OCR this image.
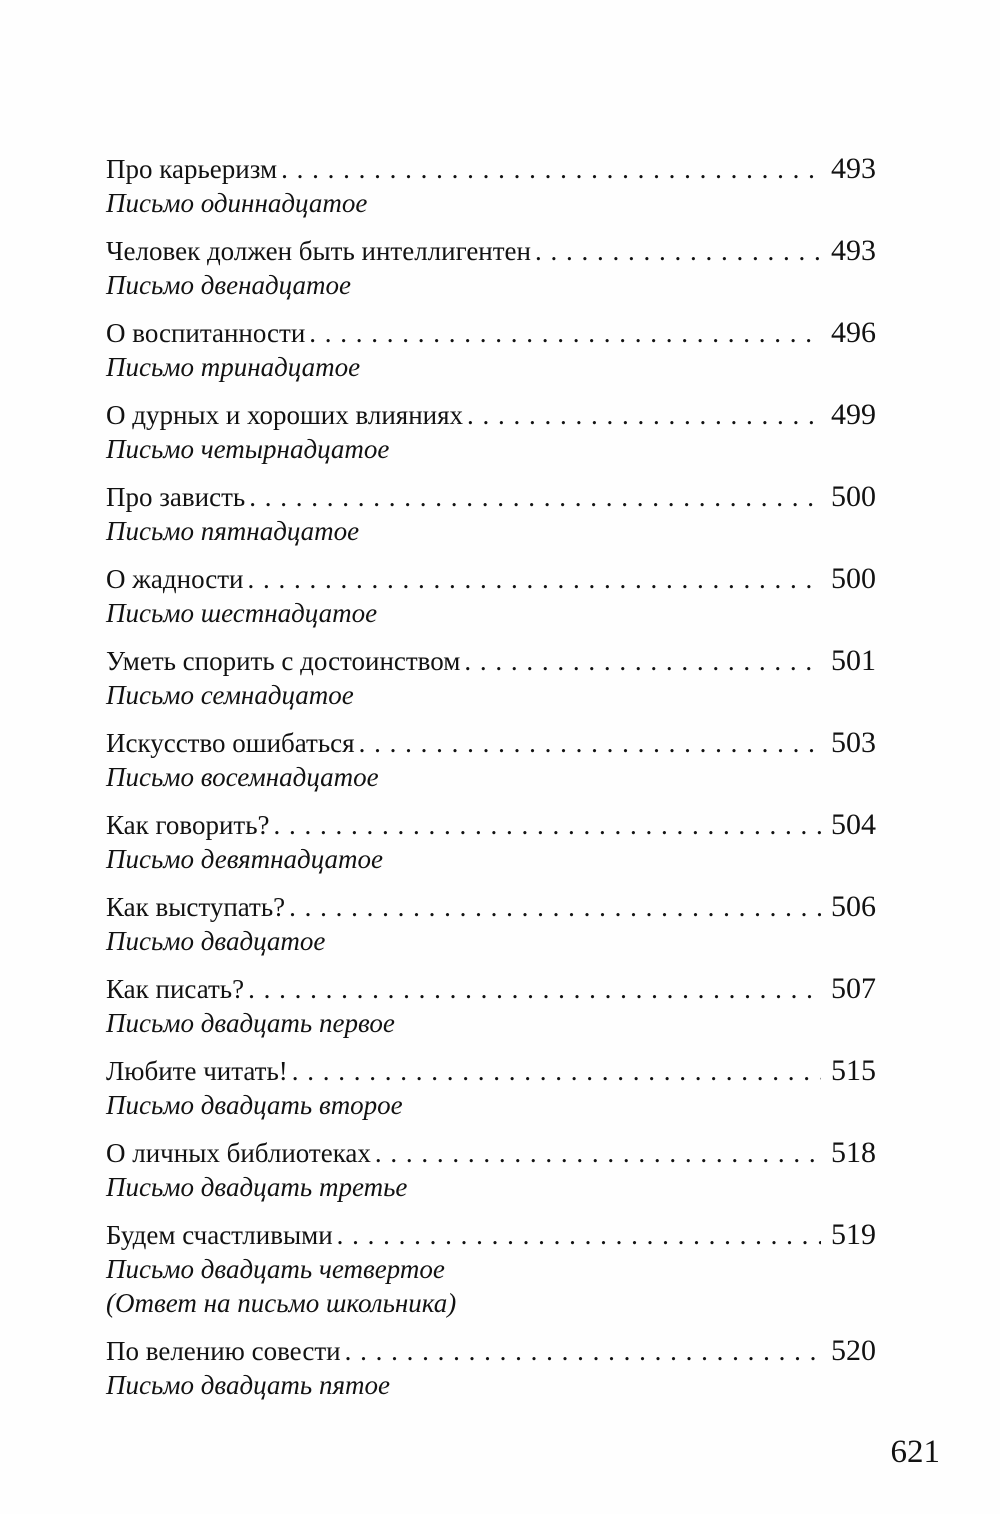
Про карьеризм . . .	493
Письмо одиннадцатое
Человек должен быть интеллигентен . . .	493
Письмо двенадцатое
О воспитанности . . .	496
Письмо тринадцатое
О дурных и хороших влияниях . . .	499
Письмо четырнадцатое
Про зависть . . .	500
Письмо пятнадцатое
О жадности . . .	500
Письмо шестнадцатое
Уметь спорить с достоинством . . .	501
Письмо семнадцатое
Искусство ошибаться . . .	503
Письмо восемнадцатое
Как говорить? . . .	504
Письмо девятнадцатое
Как выступать? . . .	506
Письмо двадцатое
Как писать? . . .	507
Письмо двадцать первое
Любите читать! . . .	515
Письмо двадцать второе
О личных библиотеках . . .	518
Письмо двадцать третье
Будем счастливыми . . .	519
Письмо двадцать четвертое
(Ответ на письмо школьника)
По велению совести . . .	520
Письмо двадцать пятое
621
